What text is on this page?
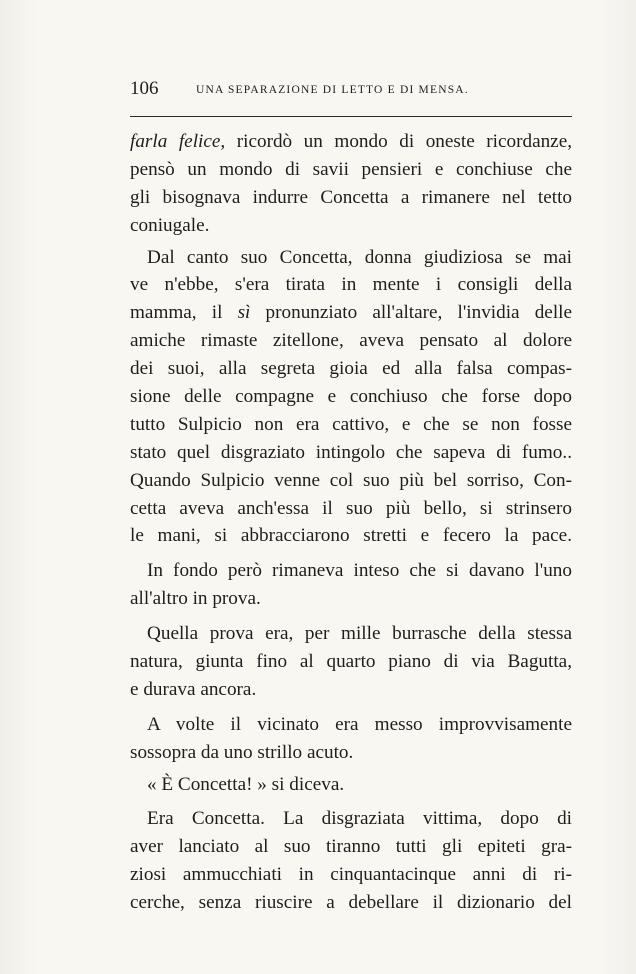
106	UNA SEPARAZIONE DI LETTO E DI MENSA.
farla felice, ricordò un mondo di oneste ricordanze,
pensò un mondo di savii pensieri e conchiuse che
gli bisognava indurre Concetta a rimanere nel tetto
coniugale.
Dal canto suo Concetta, donna giudiziosa se mai
ve n'ebbe, s'era tirata in mente i consigli della
mamma, il sì pronunziato all'altare, l'invidia delle
amiche rimaste zitellone, aveva pensato al dolore
dei suoi, alla segreta gioia ed alla falsa compas-
sione delle compagne e conchiuso che forse dopo
tutto Sulpicio non era cattivo, e che se non fosse
stato quel disgraziato intingolo che sapeva di fumo..
Quando Sulpicio venne col suo più bel sorriso, Con-
cetta aveva anch'essa il suo più bello, si strinsero
le mani, si abbracciarono stretti e fecero la pace.
In fondo però rimaneva inteso che si davano l'uno
all'altro in prova.
Quella prova era, per mille burrasche della stessa
natura, giunta fino al quarto piano di via Bagutta,
e durava ancora.
A volte il vicinato era messo improvvisamente
sossopra da uno strillo acuto.
« È Concetta! » si diceva.
Era Concetta. La disgraziata vittima, dopo di
aver lanciato al suo tiranno tutti gli epiteti gra-
ziosi ammucchiati in cinquantacinque anni di ri-
cerche, senza riuscire a debellare il dizionario del
